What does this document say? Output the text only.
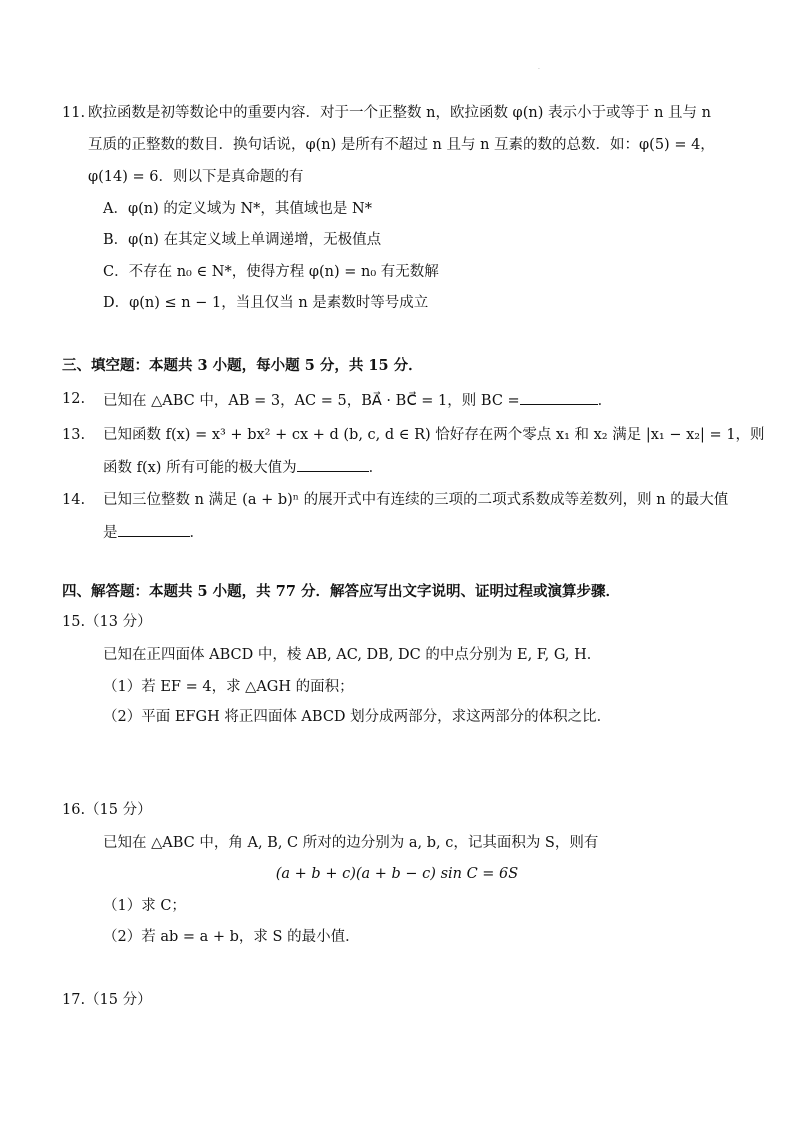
·
11. 欧拉函数是初等数论中的重要内容．对于一个正整数 n，欧拉函数 φ(n) 表示小于或等于 n 且与 n
互质的正整数的数目．换句话说，φ(n) 是所有不超过 n 且与 n 互素的数的总数．如：φ(5) = 4，
φ(14) = 6．则以下是真命题的有
A．φ(n) 的定义域为 N*，其值域也是 N*
B．φ(n) 在其定义域上单调递增，无极值点
C．不存在 n₀ ∈ N*，使得方程 φ(n) = n₀ 有无数解
D．φ(n) ≤ n − 1，当且仅当 n 是素数时等号成立
三、填空题：本题共 3 小题，每小题 5 分，共 15 分．
12. 已知在 △ABC 中，AB = 3，AC = 5，BA⃗ · BC⃗ = 1，则 BC =	．
13. 已知函数 f(x) = x³ + bx² + cx + d (b, c, d ∈ R) 恰好存在两个零点 x₁ 和 x₂ 满足 |x₁ − x₂| = 1，则
函数 f(x) 所有可能的极大值为	．
14. 已知三位整数 n 满足 (a + b)ⁿ 的展开式中有连续的三项的二项式系数成等差数列，则 n 的最大值
是	．
四、解答题：本题共 5 小题，共 77 分．解答应写出文字说明、证明过程或演算步骤．
15.（13 分）
已知在正四面体 ABCD 中，棱 AB, AC, DB, DC 的中点分别为 E, F, G, H．
（1）若 EF = 4，求 △AGH 的面积；
（2）平面 EFGH 将正四面体 ABCD 划分成两部分，求这两部分的体积之比．
16.（15 分）
已知在 △ABC 中，角 A, B, C 所对的边分别为 a, b, c，记其面积为 S，则有
(a + b + c)(a + b − c) sin C = 6S
（1）求 C；
（2）若 ab = a + b，求 S 的最小值．
17.（15 分）
